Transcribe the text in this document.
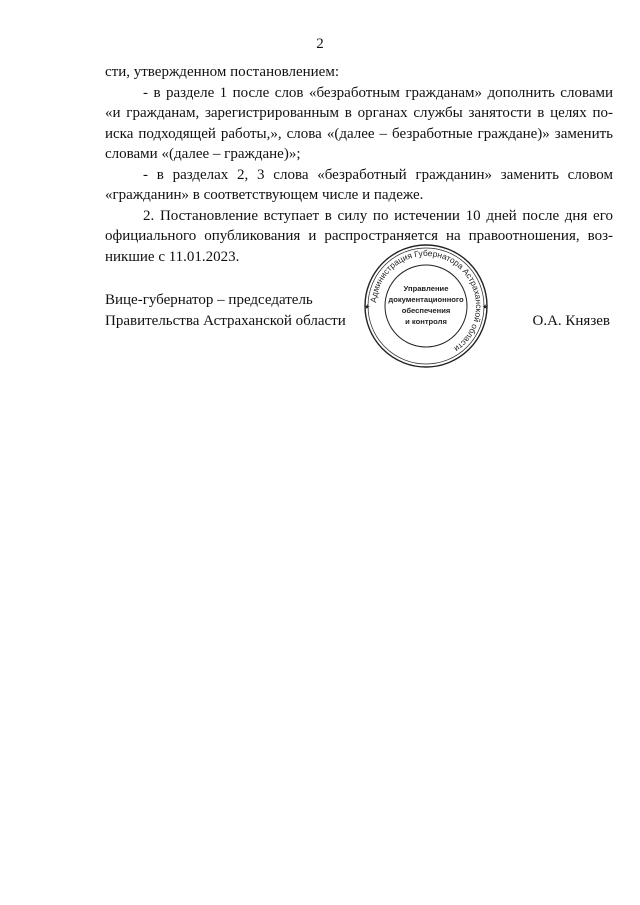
2
сти, утвержденном постановлением:
- в разделе 1 после слов «безработным гражданам» дополнить словами
«и гражданам, зарегистрированным в органах службы занятости в целях по-
иска подходящей работы,», слова «(далее – безработные граждане)» заменить
словами «(далее – граждане)»;
- в разделах 2, 3 слова «безработный гражданин» заменить словом
«гражданин» в соответствующем числе и падеже.
2. Постановление вступает в силу по истечении 10 дней после дня его
официального опубликования и распространяется на правоотношения, воз-
никшие с 11.01.2023.
Вице-губернатор – председатель
Правительства Астраханской области	О.А. Князев
Администрация Губернатора Астраханской области
★
★
Управление
документационного
обеспечения
и контроля
